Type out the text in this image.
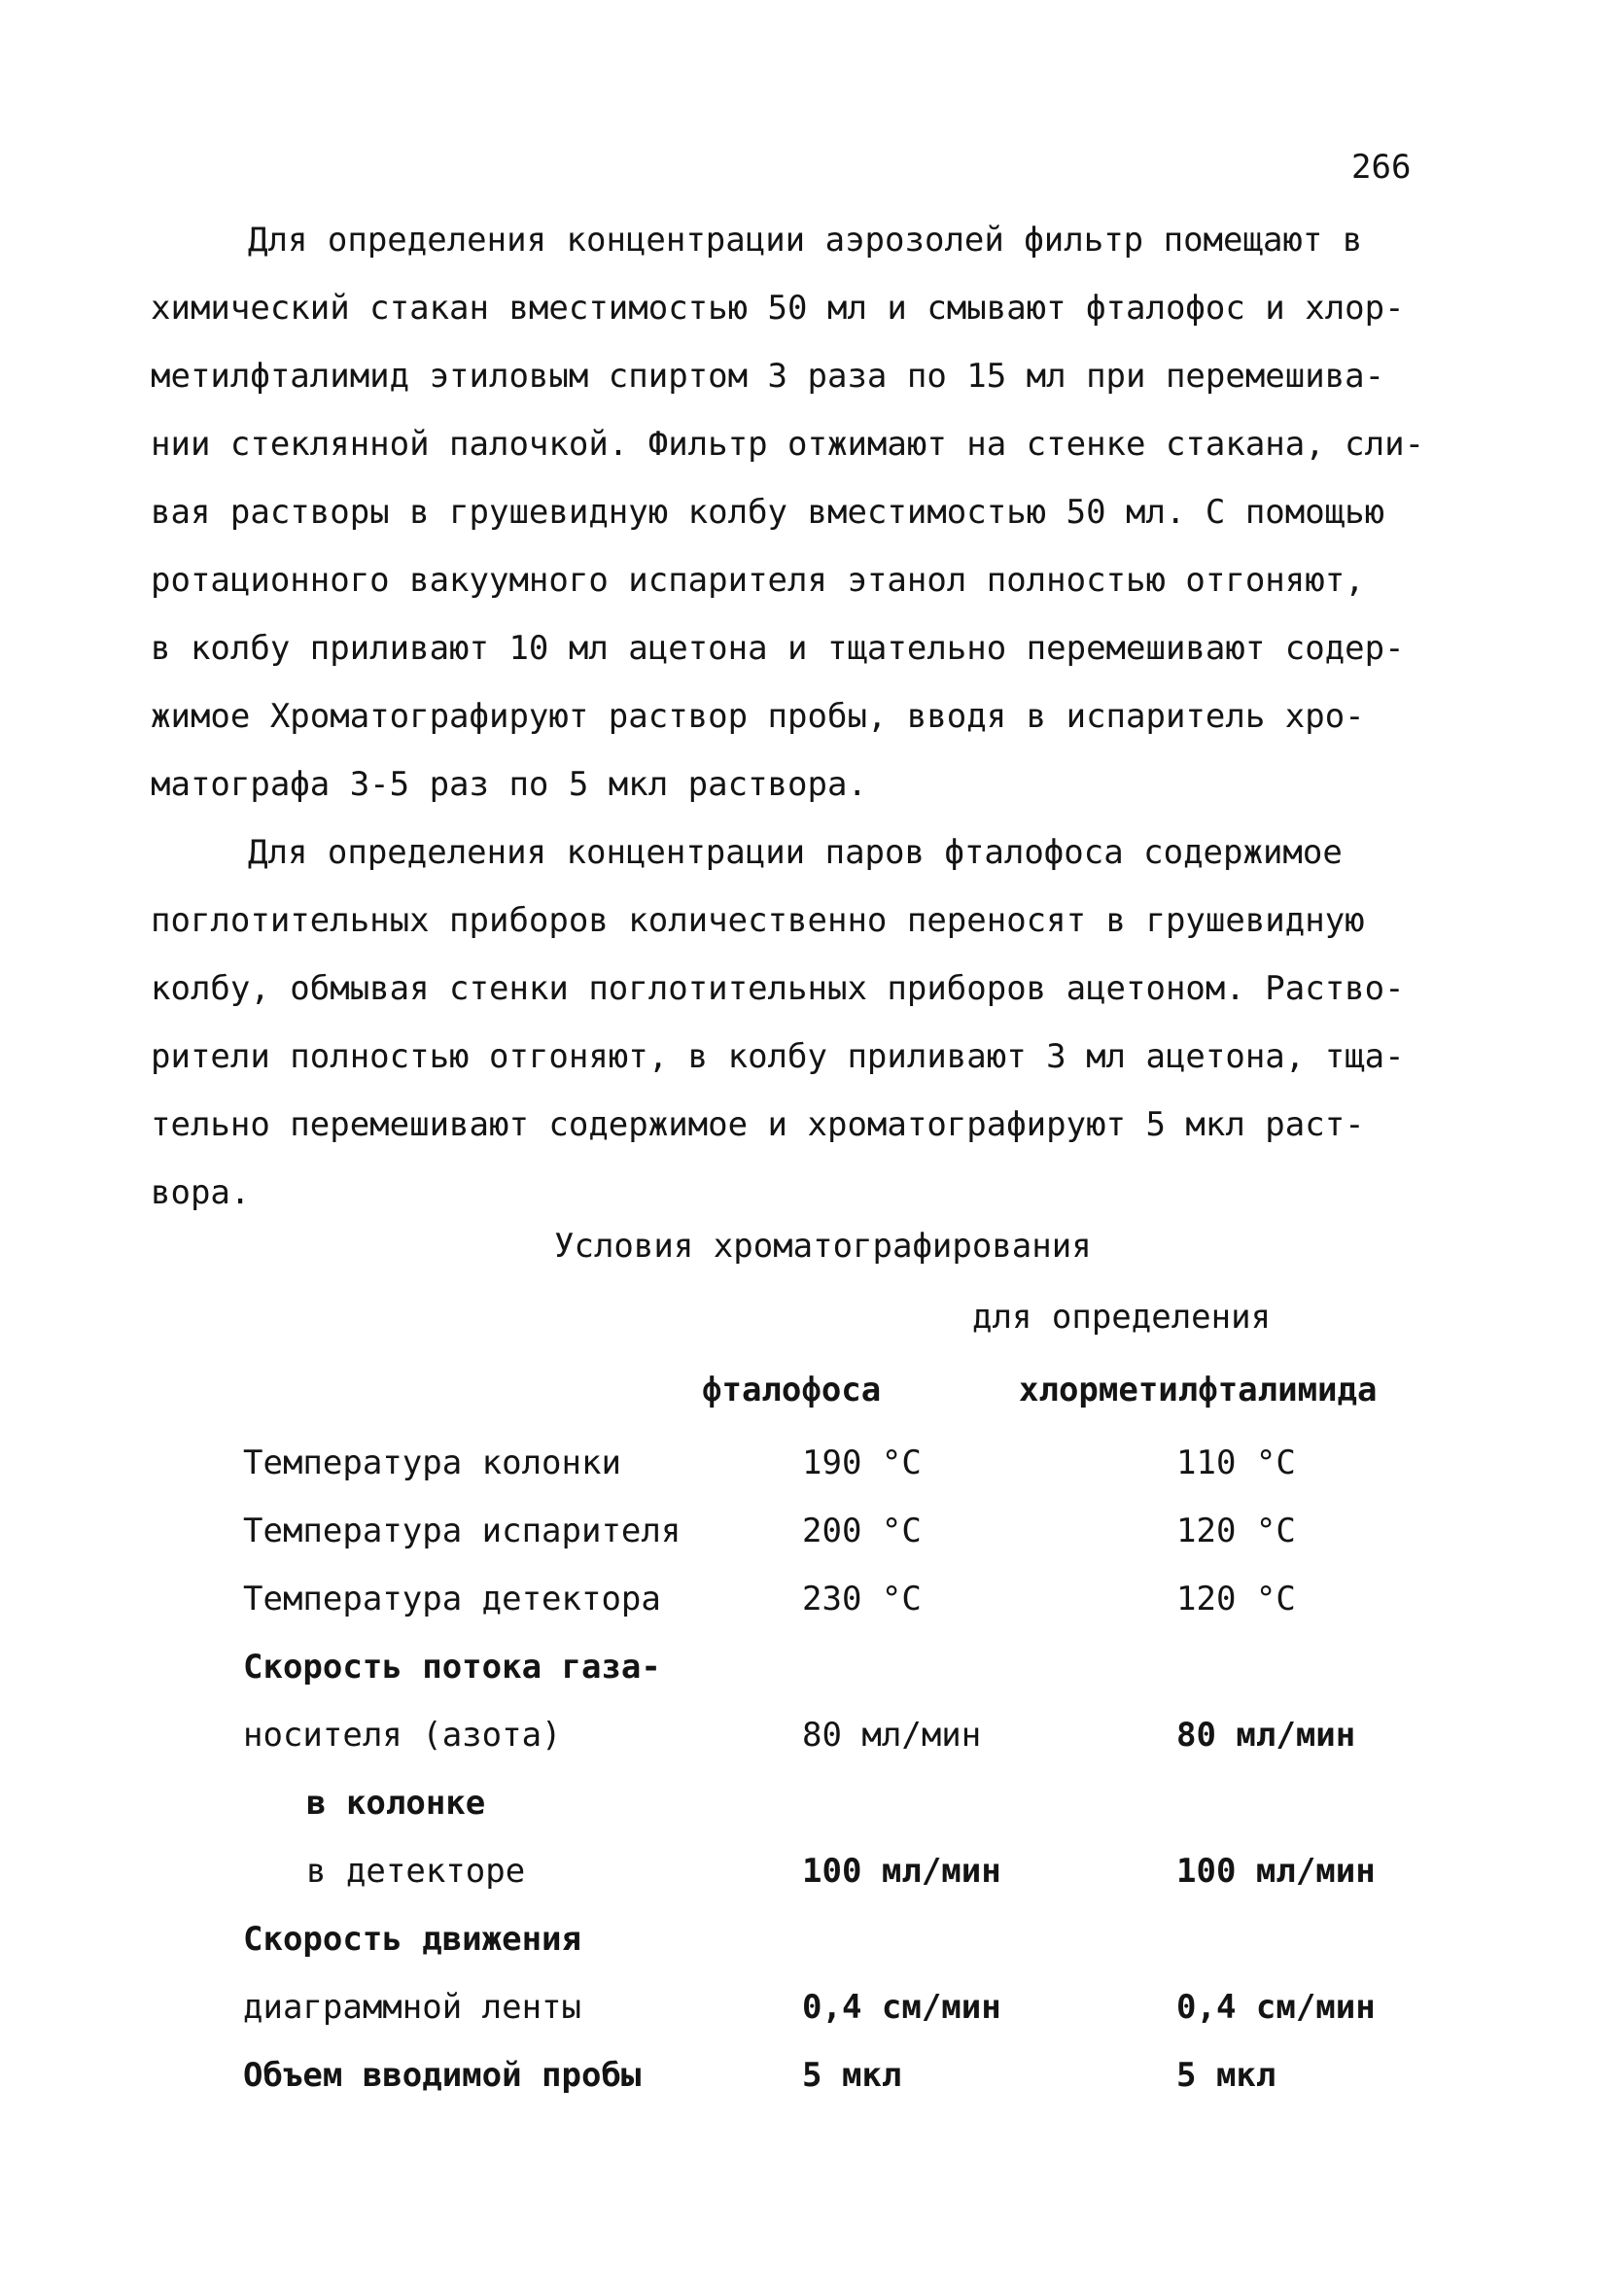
266

Для определения концентрации аэрозолей фильтр помещают в
химический стакан вместимостью 50 мл и смывают фталофос и хлор-
метилфталимид этиловым спиртом 3 раза по 15 мл при перемешива-
нии стеклянной палочкой. Фильтр отжимают на стенке стакана, сли-
вая растворы в грушевидную колбу вместимостью 50 мл. С помощью
ротационного вакуумного испарителя этанол полностью отгоняют,
в колбу приливают 10 мл ацетона и тщательно перемешивают содер-
жимое Хроматографируют раствор пробы, вводя в испаритель хро-
матографа 3-5 раз по 5 мкл раствора.

Для определения концентрации паров фталофоса содержимое
поглотительных приборов количественно переносят в грушевидную
колбу, обмывая стенки поглотительных приборов ацетоном. Раство-
рители полностью отгоняют, в колбу приливают 3 мл ацетона, тща-
тельно перемешивают содержимое и хроматографируют 5 мкл раст-
вора.

Условия хроматографирования
для определения
фталофоса	хлорметилфталимида
Температура колонки	190 °С	110 °С
Температура испарителя	200 °С	120 °С
Температура детектора	230 °С	120 °С
Скорость потока газа-		
носителя (азота)	80 мл/мин	80 мл/мин
в колонке		
в детекторе	100 мл/мин	100 мл/мин
Скорость движения		
диаграммной ленты	0,4 см/мин	0,4 см/мин
Объем вводимой пробы	5 мкл	5 мкл
